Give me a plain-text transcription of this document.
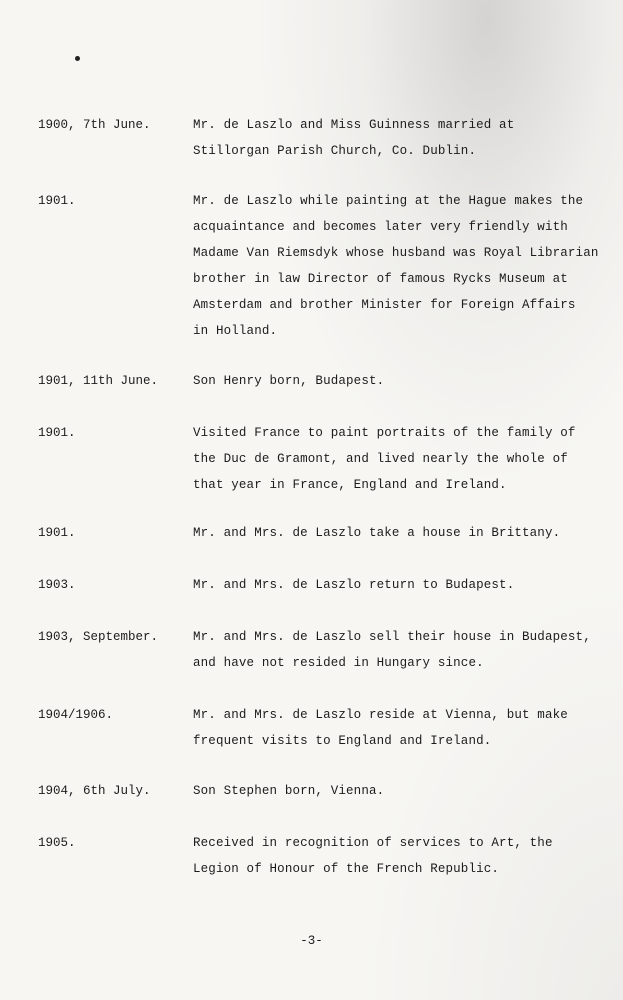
1900, 7th June.	Mr. de Laszlo and Miss Guinness married at
Stillorgan Parish Church, Co. Dublin.
1901.	Mr. de Laszlo while painting at the Hague makes the
acquaintance and becomes later very friendly with
Madame Van Riemsdyk whose husband was Royal Librarian
brother in law Director of famous Rycks Museum at
Amsterdam and brother Minister for Foreign Affairs
in Holland.
1901, 11th June.	Son Henry born, Budapest.
1901.	Visited France to paint portraits of the family of
the Duc de Gramont, and lived nearly the whole of
that year in France, England and Ireland.
1901.	Mr. and Mrs. de Laszlo take a house in Brittany.
1903.	Mr. and Mrs. de Laszlo return to Budapest.
1903, September.	Mr. and Mrs. de Laszlo sell their house in Budapest,
and have not resided in Hungary since.
1904/1906.	Mr. and Mrs. de Laszlo reside at Vienna, but make
frequent visits to England and Ireland.
1904, 6th July.	Son Stephen born, Vienna.
1905.	Received in recognition of services to Art, the
Legion of Honour of the French Republic.
-3-
